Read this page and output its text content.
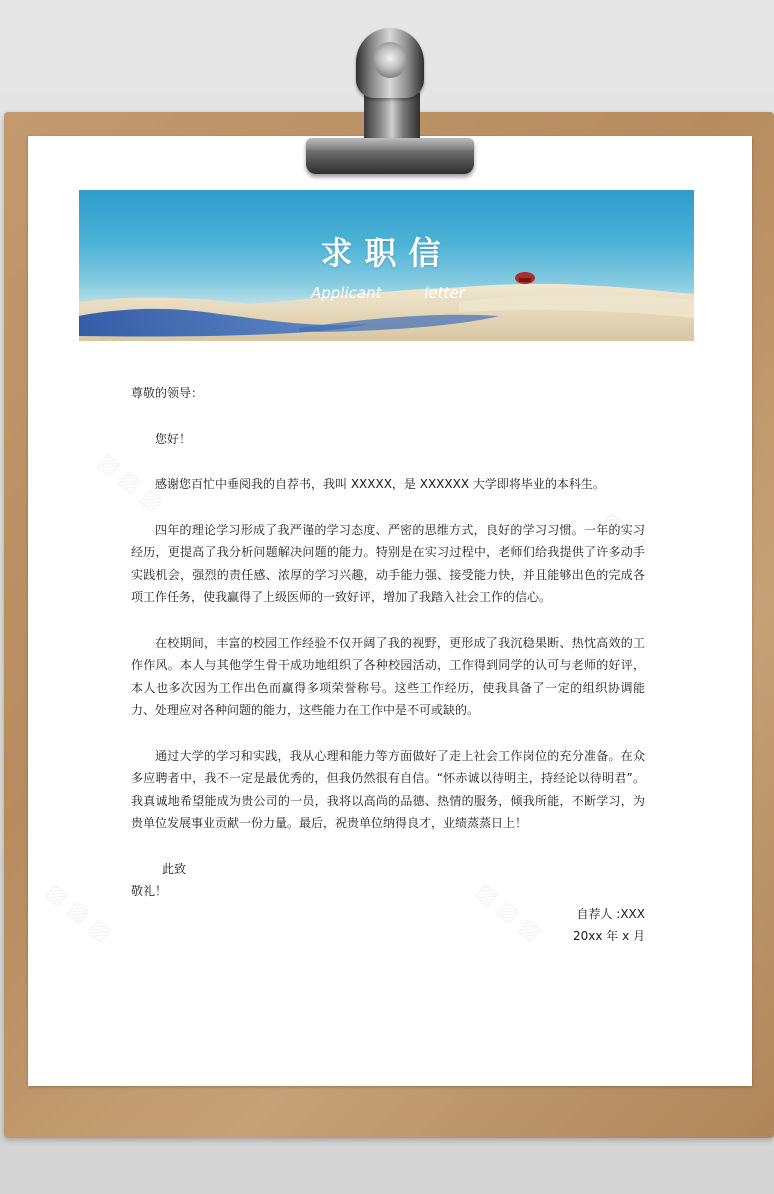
求职信
Applicant letter

尊敬的领导：

您好！

感谢您百忙中垂阅我的自荐书，我叫 XXXXX，是 XXXXXX 大学即将毕业的本科生。

四年的理论学习形成了我严谨的学习态度、严密的思维方式，良好的学习习惯。一年的实习经历，更提高了我分析问题解决问题的能力。特别是在实习过程中，老师们给我提供了许多动手实践机会，强烈的责任感、浓厚的学习兴趣，动手能力强、接受能力快，并且能够出色的完成各项工作任务，使我赢得了上级医师的一致好评，增加了我踏入社会工作的信心。

在校期间，丰富的校园工作经验不仅开阔了我的视野，更形成了我沉稳果断、热忱高效的工作作风。本人与其他学生骨干成功地组织了各种校园活动，工作得到同学的认可与老师的好评，本人也多次因为工作出色而赢得多项荣誉称号。这些工作经历，使我具备了一定的组织协调能力、处理应对各种问题的能力，这些能力在工作中是不可或缺的。

通过大学的学习和实践，我从心理和能力等方面做好了走上社会工作岗位的充分准备。在众多应聘者中，我不一定是最优秀的，但我仍然很有自信。“怀赤诚以待明主，持经论以待明君”。我真诚地希望能成为贵公司的一员，我将以高尚的品德、热情的服务，倾我所能，不断学习，为贵单位发展事业贡献一份力量。最后，祝贵单位纳得良才，业绩蒸蒸日上！

此致

敬礼！

自荐人 :XXX

20xx 年 x 月
